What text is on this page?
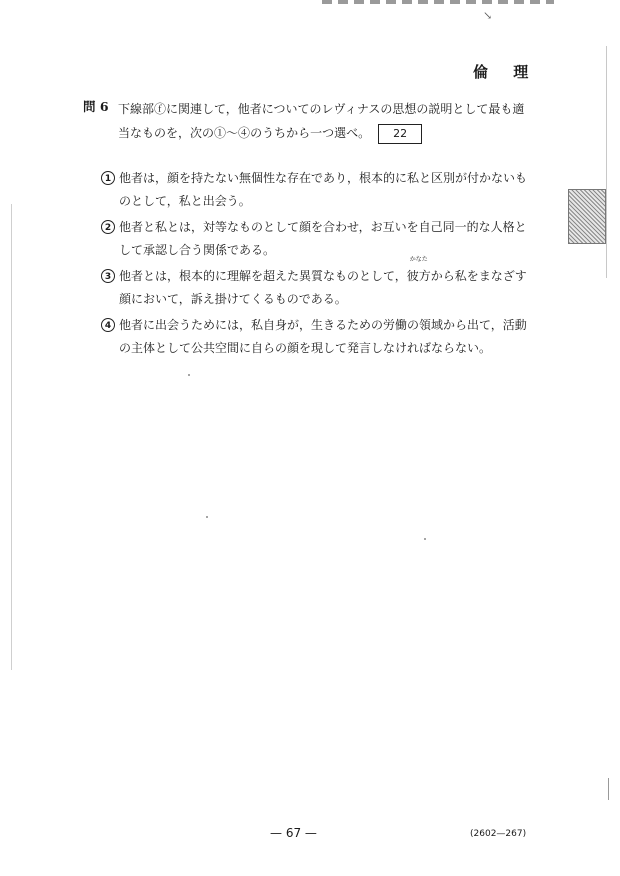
↘
倫 理
問 6 下線部ⓕに関連して，他者についてのレヴィナスの思想の説明として最も適当なものを，次の①～④のうちから一つ選べ。 22
1 他者は，顔を持たない無個性な存在であり，根本的に私と区別が付かないものとして，私と出会う。
2 他者と私とは，対等なものとして顔を合わせ，お互いを自己同一的な人格として承認し合う関係である。
3 他者とは，根本的に理解を超えた異質なものとして，
かなた
彼方から私をまなざす顔において，訴え掛けてくるものである。
4 他者に出会うためには，私自身が，生きるための労働の領域から出て，活動の主体として公共空間に自らの顔を現して発言しなければならない。
— 67 —	(2602—267)
